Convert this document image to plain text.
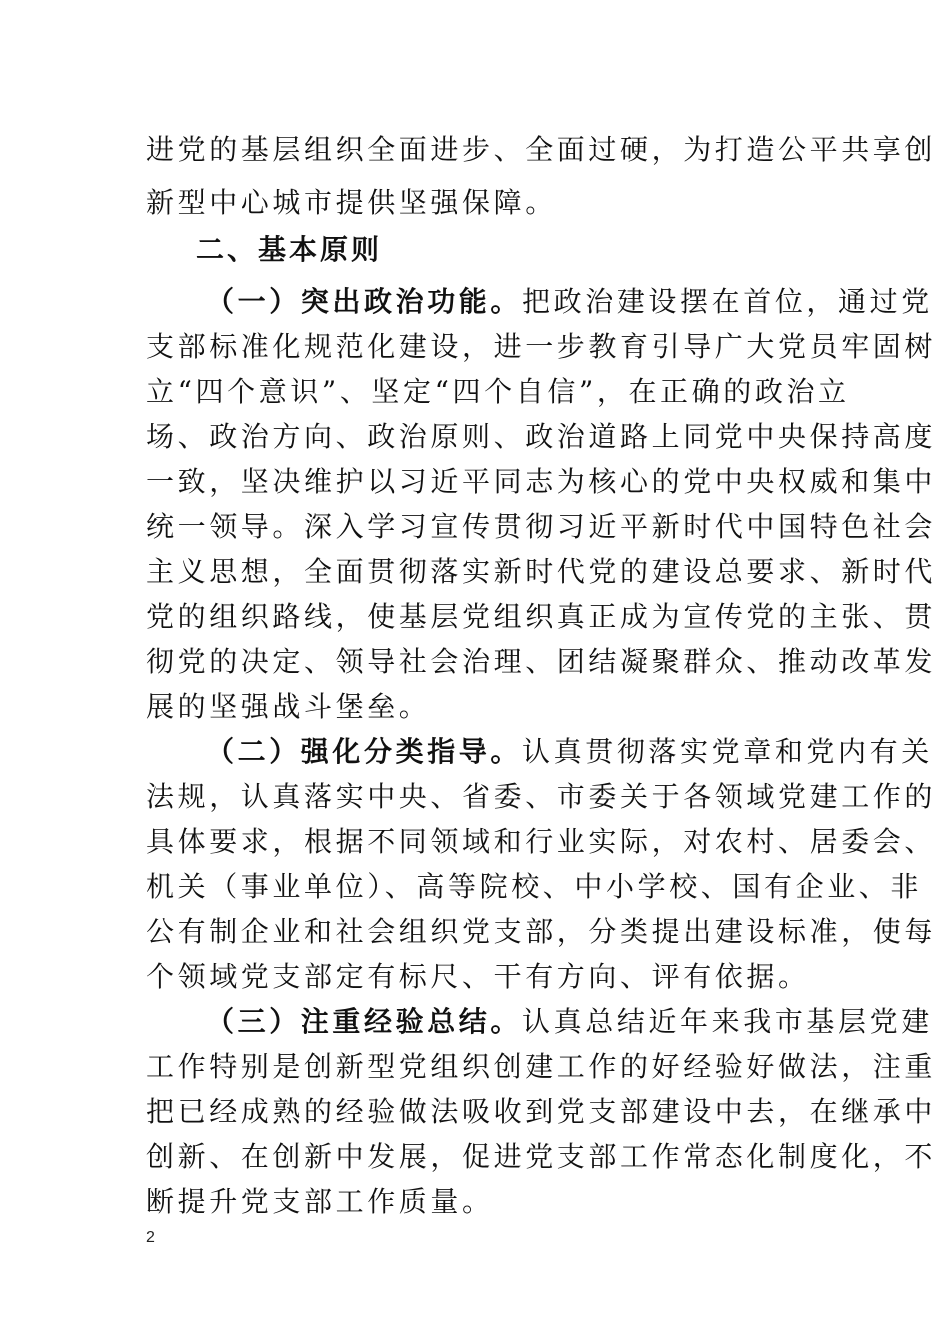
进党的基层组织全面进步、全面过硬，为打造公平共享创
新型中心城市提供坚强保障。
二、基本原则
（一）突出政治功能。把政治建设摆在首位，通过党
支部标准化规范化建设，进一步教育引导广大党员牢固树
立“四个意识”、坚定“四个自信”，在正确的政治立
场、政治方向、政治原则、政治道路上同党中央保持高度
一致，坚决维护以习近平同志为核心的党中央权威和集中
统一领导。深入学习宣传贯彻习近平新时代中国特色社会
主义思想，全面贯彻落实新时代党的建设总要求、新时代
党的组织路线，使基层党组织真正成为宣传党的主张、贯
彻党的决定、领导社会治理、团结凝聚群众、推动改革发
展的坚强战斗堡垒。
（二）强化分类指导。认真贯彻落实党章和党内有关
法规，认真落实中央、省委、市委关于各领域党建工作的
具体要求，根据不同领域和行业实际，对农村、居委会、
机关（事业单位）、高等院校、中小学校、国有企业、非
公有制企业和社会组织党支部，分类提出建设标准，使每
个领域党支部定有标尺、干有方向、评有依据。
（三）注重经验总结。认真总结近年来我市基层党建
工作特别是创新型党组织创建工作的好经验好做法，注重
把已经成熟的经验做法吸收到党支部建设中去，在继承中
创新、在创新中发展，促进党支部工作常态化制度化，不
断提升党支部工作质量。
2
